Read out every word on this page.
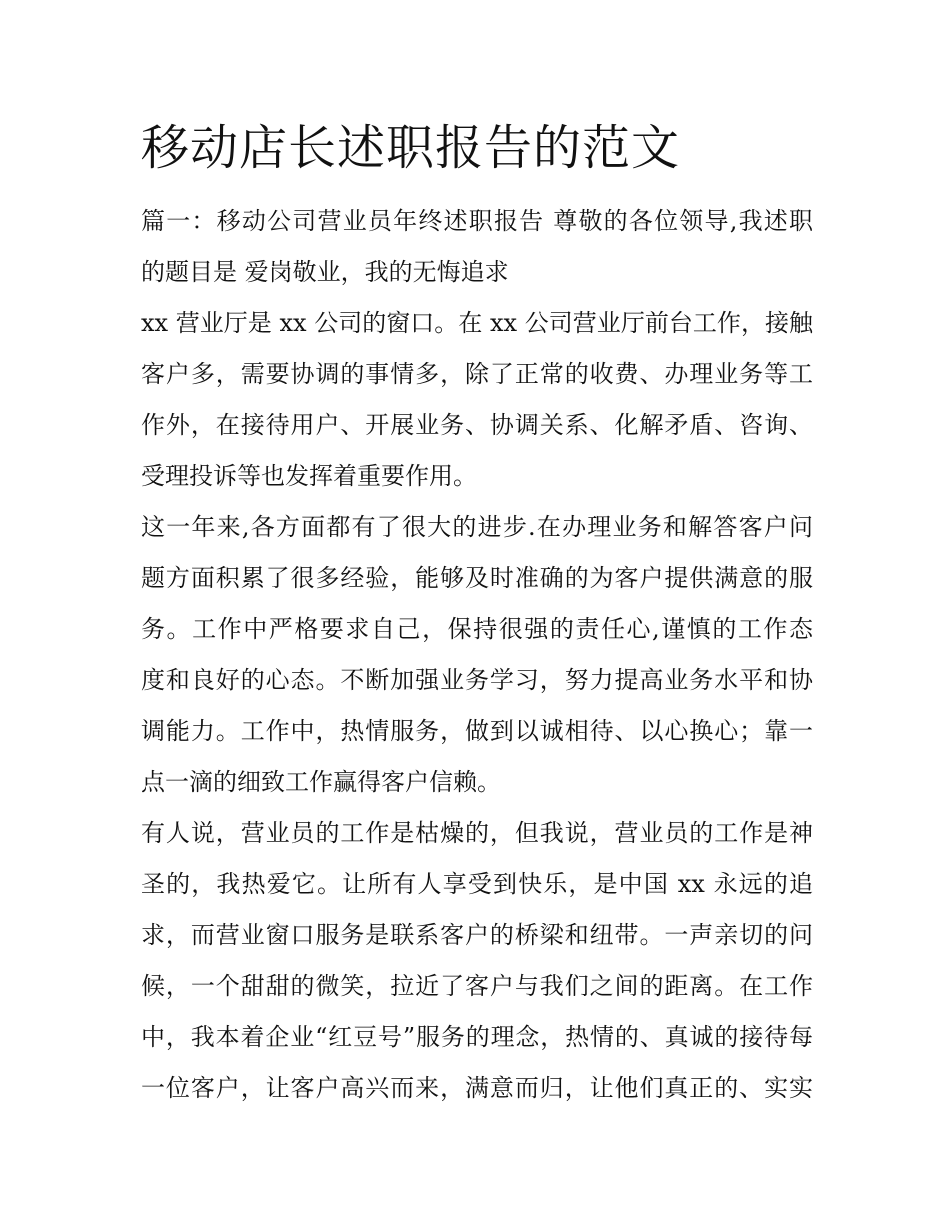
移动店长述职报告的范文
篇一：移动公司营业员年终述职报告 尊敬的各位领导,我述职
的题目是 爱岗敬业，我的无悔追求
xx 营业厅是 xx 公司的窗口。在 xx 公司营业厅前台工作，接触
客户多，需要协调的事情多，除了正常的收费、办理业务等工
作外，在接待用户、开展业务、协调关系、化解矛盾、咨询、
受理投诉等也发挥着重要作用。
这一年来,各方面都有了很大的进步.在办理业务和解答客户问
题方面积累了很多经验，能够及时准确的为客户提供满意的服
务。工作中严格要求自己，保持很强的责任心,谨慎的工作态
度和良好的心态。不断加强业务学习，努力提高业务水平和协
调能力。工作中，热情服务，做到以诚相待、以心换心；靠一
点一滴的细致工作赢得客户信赖。
有人说，营业员的工作是枯燥的，但我说，营业员的工作是神
圣的，我热爱它。让所有人享受到快乐，是中国 xx 永远的追
求，而营业窗口服务是联系客户的桥梁和纽带。一声亲切的问
候，一个甜甜的微笑，拉近了客户与我们之间的距离。在工作
中，我本着企业“红豆号”服务的理念，热情的、真诚的接待每
一位客户，让客户高兴而来，满意而归，让他们真正的、实实
